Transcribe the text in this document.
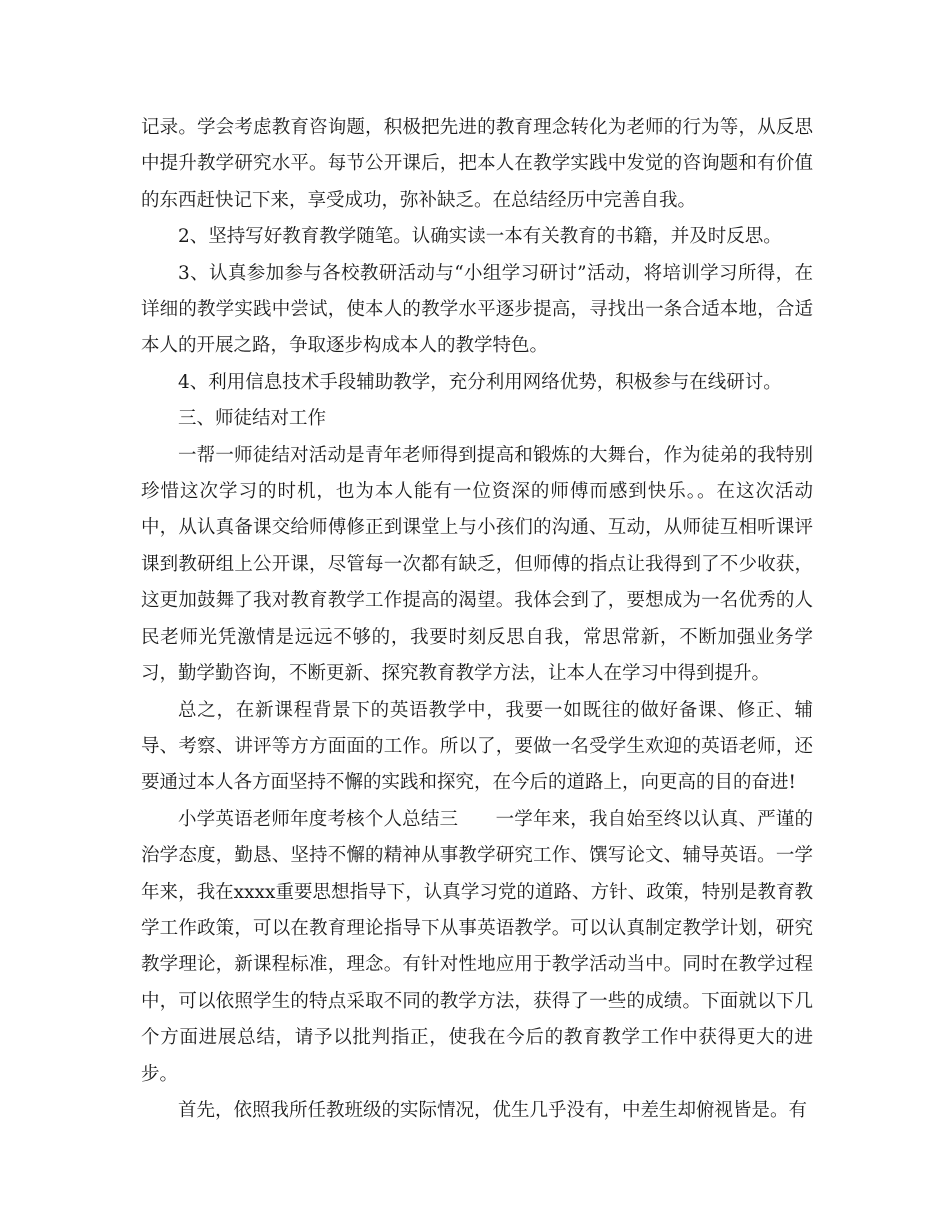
记录。学会考虑教育咨询题，积极把先进的教育理念转化为老师的行为等，从反思中提升教学研究水平。每节公开课后，把本人在教学实践中发觉的咨询题和有价值的东西赶快记下来，享受成功，弥补缺乏。在总结经历中完善自我。

2、坚持写好教育教学随笔。认确实读一本有关教育的书籍，并及时反思。

3、认真参加参与各校教研活动与“小组学习研讨”活动，将培训学习所得，在详细的教学实践中尝试，使本人的教学水平逐步提高，寻找出一条合适本地，合适本人的开展之路，争取逐步构成本人的教学特色。

4、利用信息技术手段辅助教学，充分利用网络优势，积极参与在线研讨。

三、师徒结对工作

一帮一师徒结对活动是青年老师得到提高和锻炼的大舞台，作为徒弟的我特别珍惜这次学习的时机，也为本人能有一位资深的师傅而感到快乐。。在这次活动中，从认真备课交给师傅修正到课堂上与小孩们的沟通、互动，从师徒互相听课评课到教研组上公开课，尽管每一次都有缺乏，但师傅的指点让我得到了不少收获，这更加鼓舞了我对教育教学工作提高的渴望。我体会到了，要想成为一名优秀的人民老师光凭激情是远远不够的，我要时刻反思自我，常思常新，不断加强业务学习，勤学勤咨询，不断更新、探究教育教学方法，让本人在学习中得到提升。

总之，在新课程背景下的英语教学中，我要一如既往的做好备课、修正、辅导、考察、讲评等方方面面的工作。所以了，要做一名受学生欢迎的英语老师，还要通过本人各方面坚持不懈的实践和探究，在今后的道路上，向更高的目的奋进!

小学英语老师年度考核个人总结三　　一学年来，我自始至终以认真、严谨的治学态度，勤恳、坚持不懈的精神从事教学研究工作、馔写论文、辅导英语。一学年来，我在xxxx重要思想指导下，认真学习党的道路、方针、政策，特别是教育教学工作政策，可以在教育理论指导下从事英语教学。可以认真制定教学计划，研究教学理论，新课程标准，理念。有针对性地应用于教学活动当中。同时在教学过程中，可以依照学生的特点采取不同的教学方法，获得了一些的成绩。下面就以下几个方面进展总结，请予以批判指正，使我在今后的教育教学工作中获得更大的进步。

首先，依照我所任教班级的实际情况，优生几乎没有，中差生却俯视皆是。有
